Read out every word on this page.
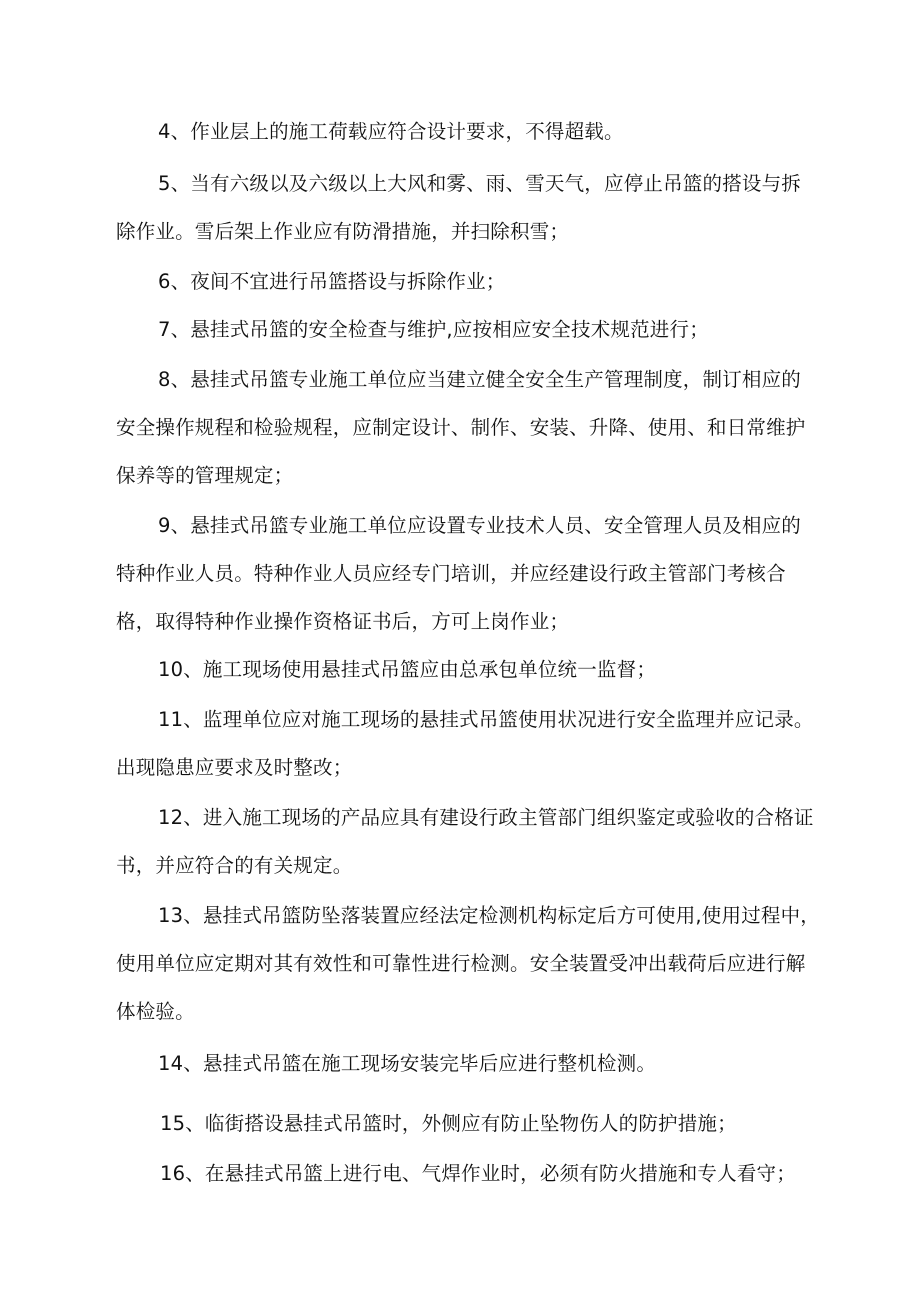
4、作业层上的施工荷载应符合设计要求，不得超载。

5、当有六级以及六级以上大风和雾、雨、雪天气，应停止吊篮的搭设与拆除作业。雪后架上作业应有防滑措施，并扫除积雪；

6、夜间不宜进行吊篮搭设与拆除作业；

7、悬挂式吊篮的安全检查与维护,应按相应安全技术规范进行；

8、悬挂式吊篮专业施工单位应当建立健全安全生产管理制度，制订相应的安全操作规程和检验规程，应制定设计、制作、安装、升降、使用、和日常维护保养等的管理规定；

9、悬挂式吊篮专业施工单位应设置专业技术人员、安全管理人员及相应的特种作业人员。特种作业人员应经专门培训，并应经建设行政主管部门考核合格，取得特种作业操作资格证书后，方可上岗作业；

10、施工现场使用悬挂式吊篮应由总承包单位统一监督；

11、监理单位应对施工现场的悬挂式吊篮使用状况进行安全监理并应记录。出现隐患应要求及时整改；

12、进入施工现场的产品应具有建设行政主管部门组织鉴定或验收的合格证书，并应符合的有关规定。

13、悬挂式吊篮防坠落装置应经法定检测机构标定后方可使用,使用过程中，使用单位应定期对其有效性和可靠性进行检测。安全装置受冲出载荷后应进行解体检验。

14、悬挂式吊篮在施工现场安装完毕后应进行整机检测。

15、临街搭设悬挂式吊篮时，外侧应有防止坠物伤人的防护措施；

16、在悬挂式吊篮上进行电、气焊作业时，必须有防火措施和专人看守；
